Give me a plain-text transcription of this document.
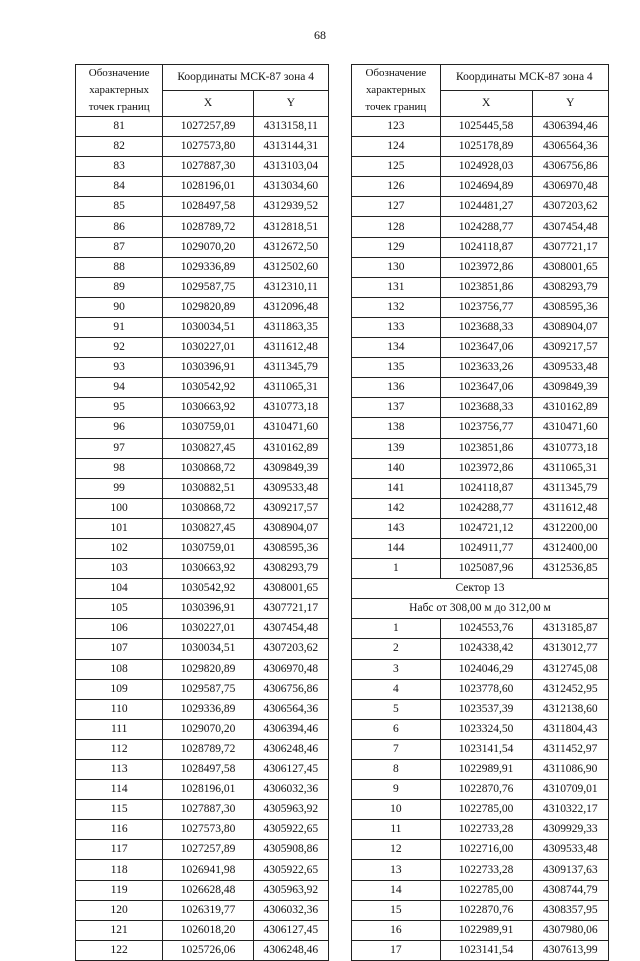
68
Обозначение характерных точек границ	Координаты МСК-87 зона 4	
	X	Y
81	1027257,89	4313158,11
82	1027573,80	4313144,31
83	1027887,30	4313103,04
84	1028196,01	4313034,60
85	1028497,58	4312939,52
86	1028789,72	4312818,51
87	1029070,20	4312672,50
88	1029336,89	4312502,60
89	1029587,75	4312310,11
90	1029820,89	4312096,48
91	1030034,51	4311863,35
92	1030227,01	4311612,48
93	1030396,91	4311345,79
94	1030542,92	4311065,31
95	1030663,92	4310773,18
96	1030759,01	4310471,60
97	1030827,45	4310162,89
98	1030868,72	4309849,39
99	1030882,51	4309533,48
100	1030868,72	4309217,57
101	1030827,45	4308904,07
102	1030759,01	4308595,36
103	1030663,92	4308293,79
104	1030542,92	4308001,65
105	1030396,91	4307721,17
106	1030227,01	4307454,48
107	1030034,51	4307203,62
108	1029820,89	4306970,48
109	1029587,75	4306756,86
110	1029336,89	4306564,36
111	1029070,20	4306394,46
112	1028789,72	4306248,46
113	1028497,58	4306127,45
114	1028196,01	4306032,36
115	1027887,30	4305963,92
116	1027573,80	4305922,65
117	1027257,89	4305908,86
118	1026941,98	4305922,65
119	1026628,48	4305963,92
120	1026319,77	4306032,36
121	1026018,20	4306127,45
122	1025726,06	4306248,46
Обозначение характерных точек границ	Координаты МСК-87 зона 4	
	X	Y
123	1025445,58	4306394,46
124	1025178,89	4306564,36
125	1024928,03	4306756,86
126	1024694,89	4306970,48
127	1024481,27	4307203,62
128	1024288,77	4307454,48
129	1024118,87	4307721,17
130	1023972,86	4308001,65
131	1023851,86	4308293,79
132	1023756,77	4308595,36
133	1023688,33	4308904,07
134	1023647,06	4309217,57
135	1023633,26	4309533,48
136	1023647,06	4309849,39
137	1023688,33	4310162,89
138	1023756,77	4310471,60
139	1023851,86	4310773,18
140	1023972,86	4311065,31
141	1024118,87	4311345,79
142	1024288,77	4311612,48
143	1024721,12	4312200,00
144	1024911,77	4312400,00
1	1025087,96	4312536,85
Сектор 13		
Набс от 308,00 м до 312,00 м		
1	1024553,76	4313185,87
2	1024338,42	4313012,77
3	1024046,29	4312745,08
4	1023778,60	4312452,95
5	1023537,39	4312138,60
6	1023324,50	4311804,43
7	1023141,54	4311452,97
8	1022989,91	4311086,90
9	1022870,76	4310709,01
10	1022785,00	4310322,17
11	1022733,28	4309929,33
12	1022716,00	4309533,48
13	1022733,28	4309137,63
14	1022785,00	4308744,79
15	1022870,76	4308357,95
16	1022989,91	4307980,06
17	1023141,54	4307613,99
